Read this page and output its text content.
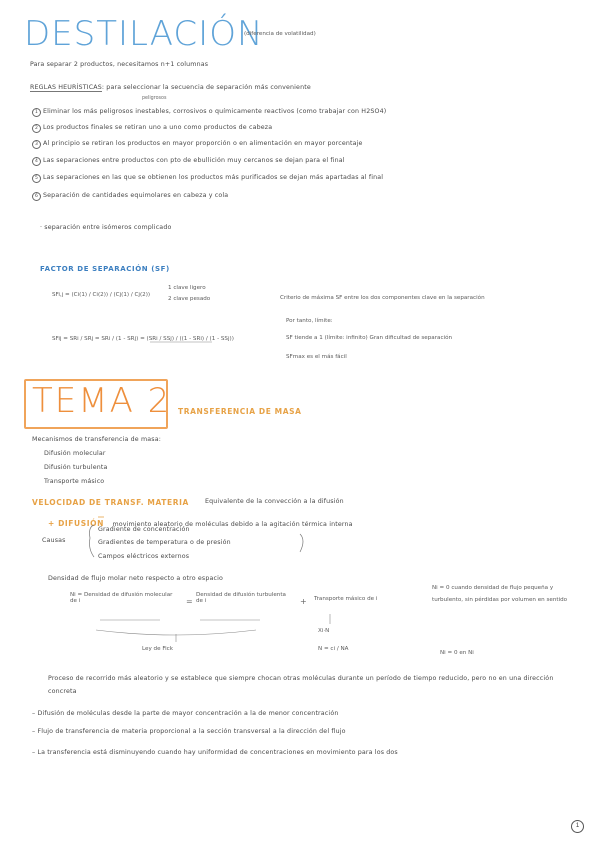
DESTILACIÓN
(diferencia de volatilidad)
Para separar 2 productos, necesitamos n+1 columnas
REGLAS HEURÍSTICAS: para seleccionar la secuencia de separación más conveniente
peligrosos
1 Eliminar los más peligrosos inestables, corrosivos o químicamente reactivos (como trabajar con H2SO4)
2 Los productos finales se retiran uno a uno como productos de cabeza
3 Al principio se retiran los productos en mayor proporción o en alimentación en mayor porcentaje
4 Las separaciones entre productos con pto de ebullición muy cercanos se dejan para el final
5 Las separaciones en las que se obtienen los productos más purificados se dejan más apartadas al final
6 Separación de cantidades equimolares en cabeza y cola
· separación entre isómeros complicado
FACTOR DE SEPARACIÓN (SF)
SFi,j = (Ci(1) / Ci(2)) / (Cj(1) / Cj(2))
1 clave ligero
2 clave pesado	Criterio de máxima SF entre los dos componentes clave en la separación
Por tanto, límite:
SF tiende a 1 (límite: infinito) Gran dificultad de separación
SFmax es el más fácil
SFij = SRi / SRj = SRi / (1 - SRj) = (SRi / SSj) / ((1 - SRi) / (1 - SSj))
TEMA 2 TRANSFERENCIA DE MASA
Mecanismos de transferencia de masa:
Difusión molecular
Difusión turbulenta
Transporte másico
VELOCIDAD DE TRANSF. MATERIA	Equivalente de la convección a la difusión
+ DIFUSIÓN movimiento aleatorio de moléculas debido a la agitación térmica interna
Causas
Gradiente de concentración
Gradientes de temperatura o de presión
Campos eléctricos externos
Densidad de flujo molar neto respecto a otro espacio
Ni = Densidad de difusión molecular de i
Densidad de difusión turbulenta de i	Transporte másico de i
Ley de Fick
Xi·N
N = ci / NA
Ni = 0 cuando densidad de flujo pequeña y turbulento, sin pérdidas por volumen en sentido
Ni = 0 en Ni
Proceso de recorrido más aleatorio y se establece que siempre chocan otras moléculas durante un período de tiempo reducido, pero no en una dirección concreta
– Difusión de moléculas desde la parte de mayor concentración a la de menor concentración
– Flujo de transferencia de materia proporcional a la sección transversal a la dirección del flujo
– La transferencia está disminuyendo cuando hay uniformidad de concentraciones en movimiento para los dos
1
=	+
